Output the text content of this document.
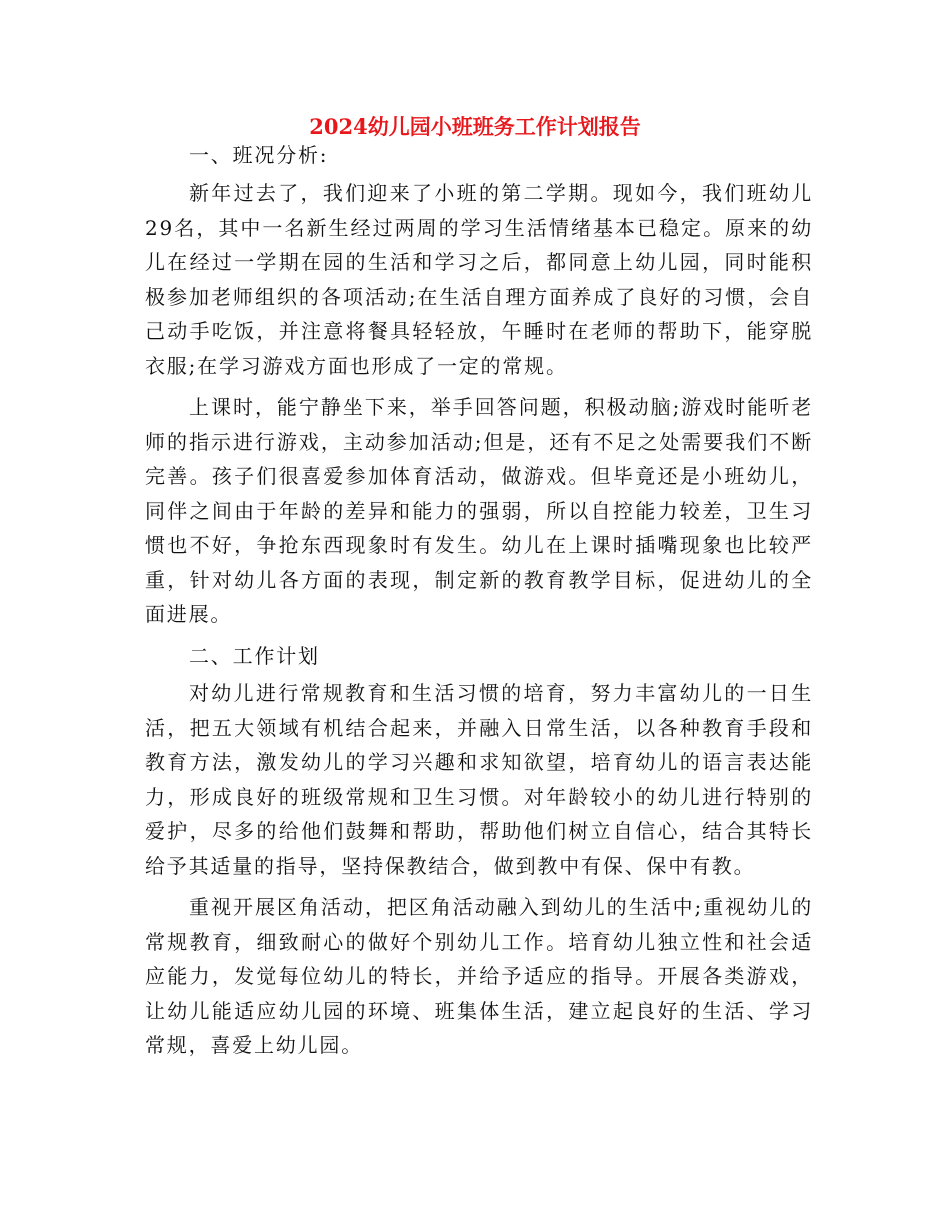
2024幼儿园小班班务工作计划报告

一、班况分析:

新年过去了，我们迎来了小班的第二学期。现如今，我们班幼儿29名，其中一名新生经过两周的学习生活情绪基本已稳定。原来的幼儿在经过一学期在园的生活和学习之后，都同意上幼儿园，同时能积极参加老师组织的各项活动;在生活自理方面养成了良好的习惯，会自己动手吃饭，并注意将餐具轻轻放，午睡时在老师的帮助下，能穿脱衣服;在学习游戏方面也形成了一定的常规。

上课时，能宁静坐下来，举手回答问题，积极动脑;游戏时能听老师的指示进行游戏，主动参加活动;但是，还有不足之处需要我们不断完善。孩子们很喜爱参加体育活动，做游戏。但毕竟还是小班幼儿，同伴之间由于年龄的差异和能力的强弱，所以自控能力较差，卫生习惯也不好，争抢东西现象时有发生。幼儿在上课时插嘴现象也比较严重，针对幼儿各方面的表现，制定新的教育教学目标，促进幼儿的全面进展。

二、工作计划

对幼儿进行常规教育和生活习惯的培育，努力丰富幼儿的一日生活，把五大领域有机结合起来，并融入日常生活，以各种教育手段和教育方法，激发幼儿的学习兴趣和求知欲望，培育幼儿的语言表达能力，形成良好的班级常规和卫生习惯。对年龄较小的幼儿进行特别的爱护，尽多的给他们鼓舞和帮助，帮助他们树立自信心，结合其特长给予其适量的指导，坚持保教结合，做到教中有保、保中有教。

重视开展区角活动，把区角活动融入到幼儿的生活中;重视幼儿的常规教育，细致耐心的做好个别幼儿工作。培育幼儿独立性和社会适应能力，发觉每位幼儿的特长，并给予适应的指导。开展各类游戏，让幼儿能适应幼儿园的环境、班集体生活，建立起良好的生活、学习常规，喜爱上幼儿园。
